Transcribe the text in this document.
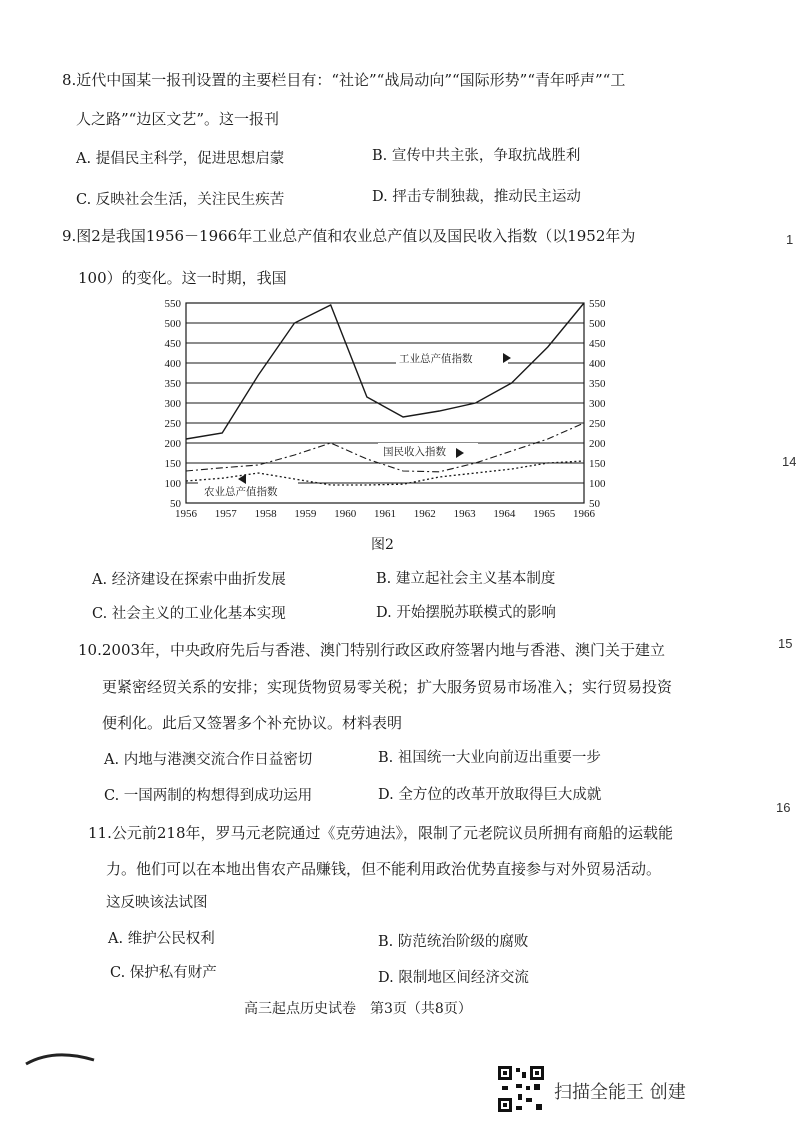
8.近代中国某一报刊设置的主要栏目有：“社论”“战局动向”“国际形势”“青年呼声”“工
人之路”“边区文艺”。这一报刊
A. 提倡民主科学，促进思想启蒙	B. 宣传中共主张，争取抗战胜利
C. 反映社会生活，关注民生疾苦	D. 抨击专制独裁，推动民主运动
9.图2是我国1956－1966年工业总产值和农业总产值以及国民收入指数（以1952年为
100）的变化。这一时期，我国
50
100
150
200
250
300
350
400
450
500
550
50
100
150
200
250
300
350
400
450
500
550
1956 1957 1958 1959 1960 1961 1962 1963 1964 1965 1966
工业总产值指数
国民收入指数
农业总产值指数
图2
A. 经济建设在探索中曲折发展	B. 建立起社会主义基本制度
C. 社会主义的工业化基本实现	D. 开始摆脱苏联模式的影响
10.2003年，中央政府先后与香港、澳门特别行政区政府签署内地与香港、澳门关于建立
更紧密经贸关系的安排；实现货物贸易零关税；扩大服务贸易市场准入；实行贸易投资
便利化。此后又签署多个补充协议。材料表明
A. 内地与港澳交流合作日益密切	B. 祖国统一大业向前迈出重要一步
C. 一国两制的构想得到成功运用	D. 全方位的改革开放取得巨大成就
11.公元前218年，罗马元老院通过《克劳迪法》，限制了元老院议员所拥有商船的运载能
力。他们可以在本地出售农产品赚钱，但不能利用政治优势直接参与对外贸易活动。
这反映该法试图
A. 维护公民权利	B. 防范统治阶级的腐败
C. 保护私有财产	D. 限制地区间经济交流
高三起点历史试卷　第3页（共8页）
1
14
15
16
扫描全能王 创建
